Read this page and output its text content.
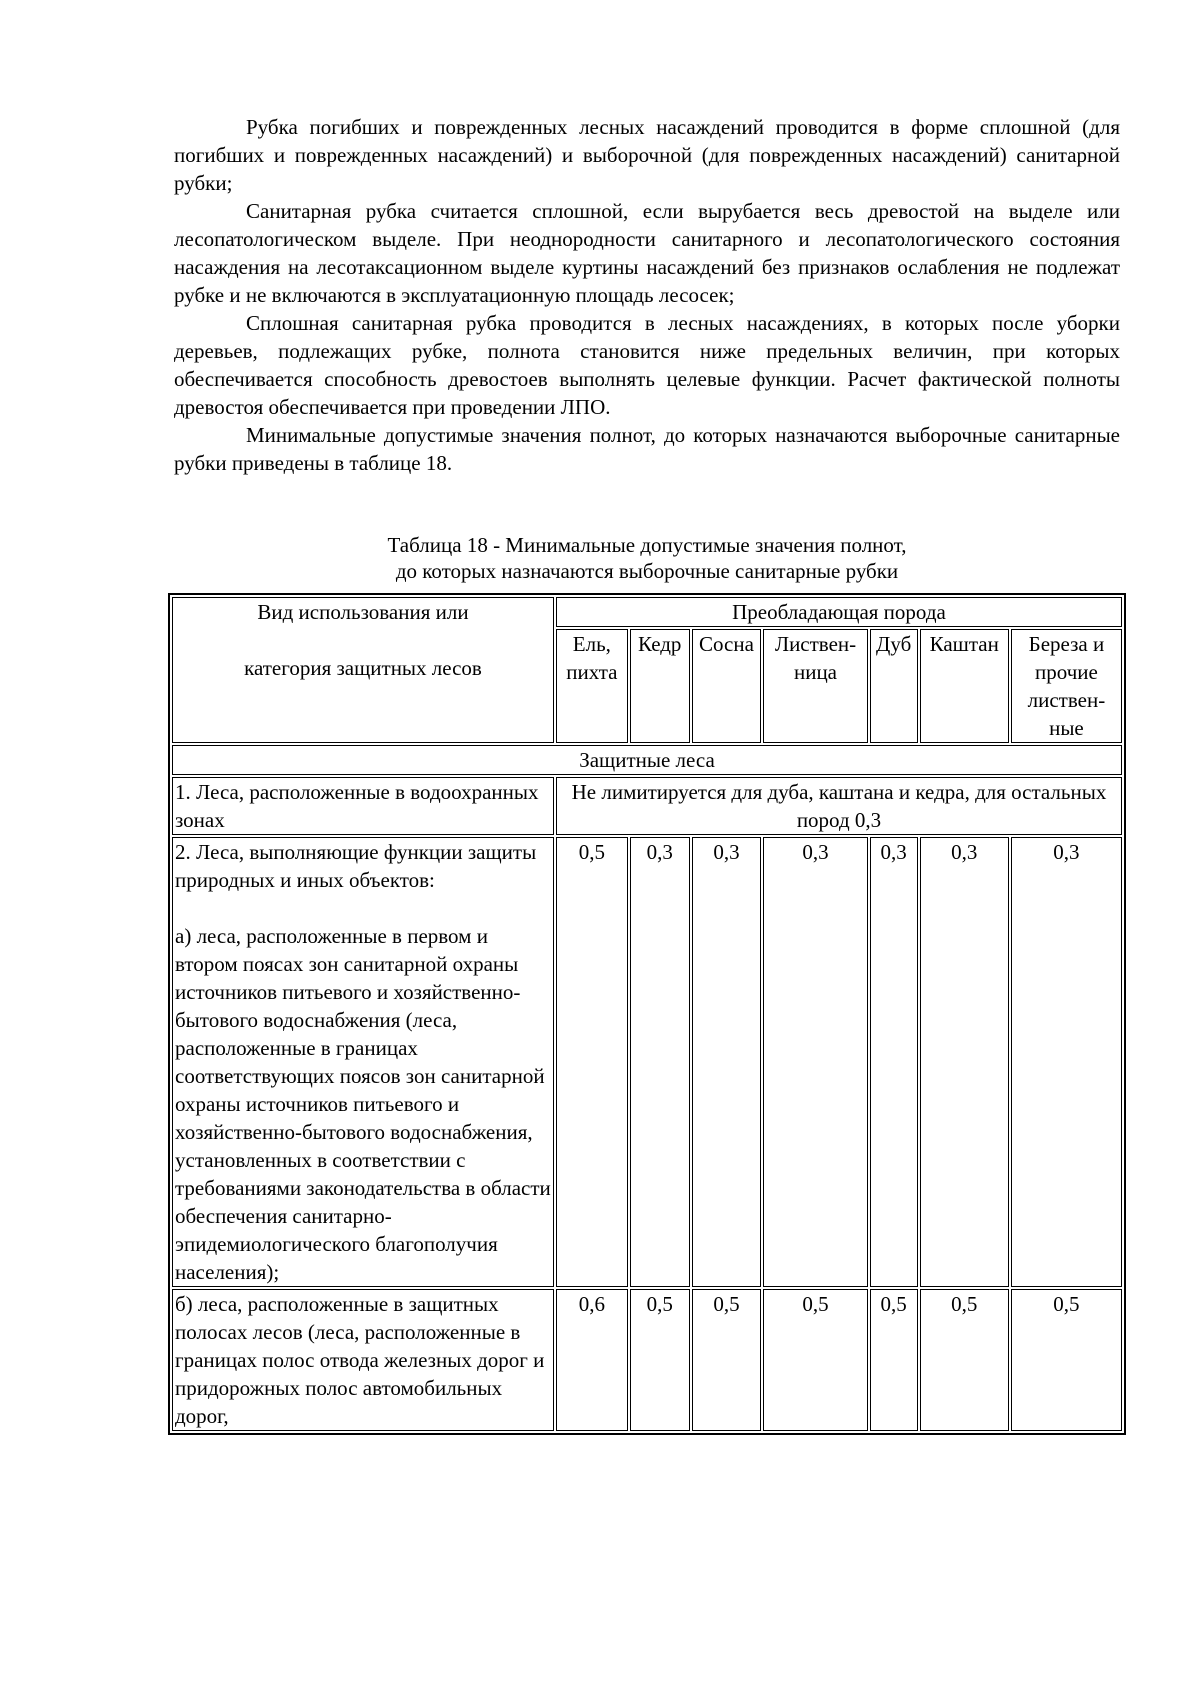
Рубка погибших и поврежденных лесных насаждений проводится в форме сплошной (для погибших и поврежденных насаждений) и выборочной (для поврежденных насаждений) санитарной рубки;

Санитарная рубка считается сплошной, если вырубается весь древостой на выделе или лесопатологическом выделе. При неоднородности санитарного и лесопатологического состояния насаждения на лесотаксационном выделе куртины насаждений без признаков ослабления не подлежат рубке и не включаются в эксплуатационную площадь лесосек;

Сплошная санитарная рубка проводится в лесных насаждениях, в которых после уборки деревьев, подлежащих рубке, полнота становится ниже предельных величин, при которых обеспечивается способность древостоев выполнять целевые функции. Расчет фактической полноты древостоя обеспечивается при проведении ЛПО.

Минимальные допустимые значения полнот, до которых назначаются выборочные санитарные рубки приведены в таблице 18.

Таблица 18 - Минимальные допустимые значения полнот,
до которых назначаются выборочные санитарные рубки
Вид использования или
категория защитных лесов	Преобладающая порода						
	Ель, пихта	Кедр	Сосна	Листвен-ница	Дуб	Каштан	Береза и прочие листвен-ные
Защитные леса							
1. Леса, расположенные в водоохранных зонах	Не лимитируется для дуба, каштана и кедра, для остальных пород 0,3						

2. Леса, выполняющие функции защиты природных и иных объектов:
а) леса, расположенные в первом и втором поясах зон санитарной охраны источников питьевого и хозяйственно-бытового водоснабжения (леса, расположенные в границах соответствующих поясов зон санитарной охраны источников питьевого и хозяйственно-бытового водоснабжения, установленных в соответствии с требованиями законодательства в области обеспечения санитарно-эпидемиологического благополучия населения);	0,5	0,3	0,3	0,3	0,3	0,3	0,3
б) леса, расположенные в защитных полосах лесов (леса, расположенные в границах полос отвода железных дорог и придорожных полос автомобильных дорог,	0,6	0,5	0,5	0,5	0,5	0,5	0,5
